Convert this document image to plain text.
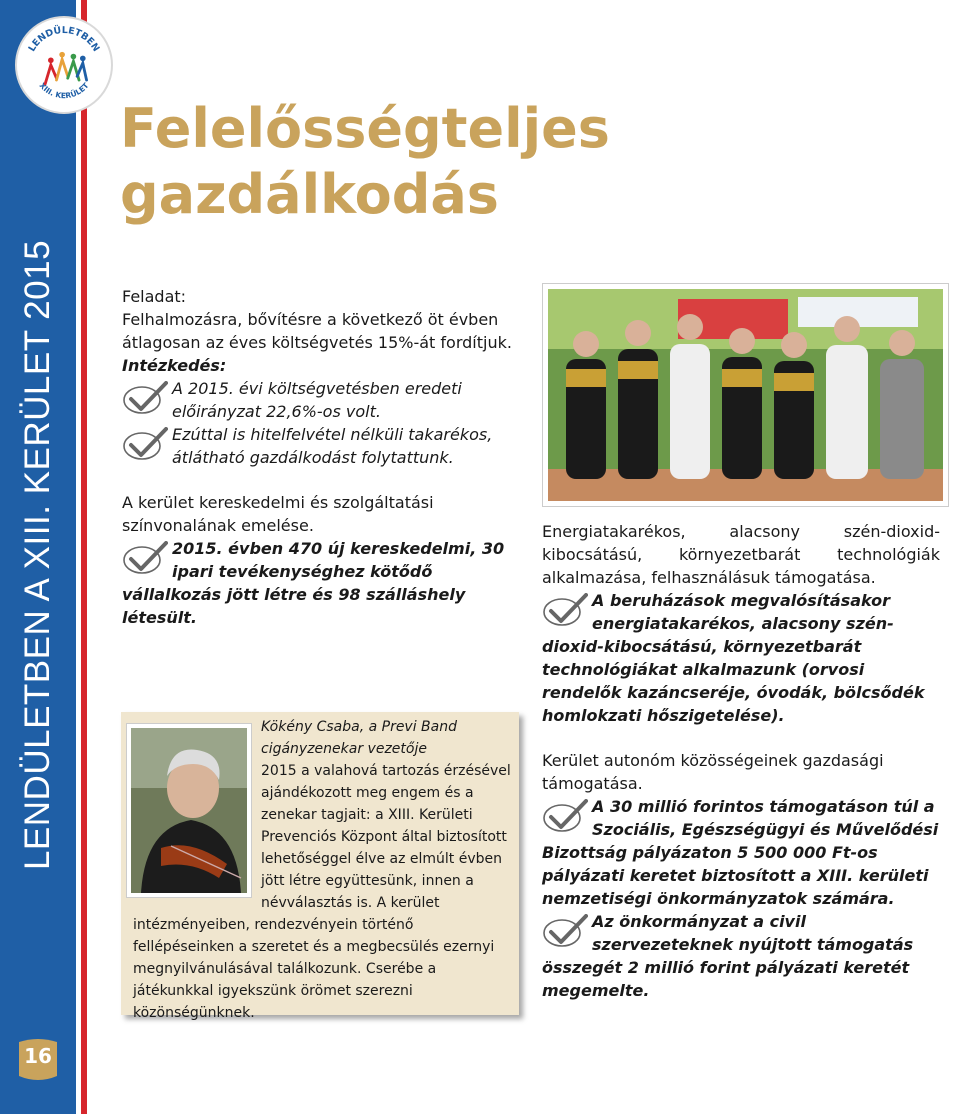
LENDÜLETBEN A XIII. KERÜLET 2015
LENDÜLETBEN
XIII. KERÜLET
16
Felelősségteljes
gazdálkodás

Feladat:

Felhalmozásra, bővítésre a következő öt évben átlagosan az éves költségvetés 15%-át fordítjuk.

Intézkedés:

A 2015. évi költségvetésben eredeti előirányzat 22,6%-os volt.

Ezúttal is hitelfelvétel nélküli takarékos, átlátható gazdálkodást folytattunk.

A kerület kereskedelmi és szolgáltatási színvonalának emelése.

2015. évben 470 új kereskedelmi, 30 ipari tevékenységhez kötődő vállalkozás jött létre és 98 szálláshely létesült.

Kökény Csaba, a Previ Band cigányzenekar vezetője
2015 a valahová tartozás érzésével ajándékozott meg engem és a zenekar tagjait: a XIII. Kerületi Prevenciós Központ által biztosított lehetőséggel élve az elmúlt évben jött létre együttesünk, innen a névválasztás is. A kerület intézményeiben, rendezvényein történő fellépéseinken a szeretet és a megbecsülés ezernyi megnyilvánulásával találkozunk. Cserébe a játékunkkal igyekszünk örömet szerezni közönségünknek.

Energiatakarékos, alacsony szén-dioxid-kibocsátású, környezetbarát technológiák alkalmazása, felhasználásuk támogatása.

A beruházások megvalósításakor energiatakarékos, alacsony szén-dioxid-kibocsátású, környezetbarát technológiákat alkalmazunk (orvosi rendelők kazáncseréje, óvodák, bölcsődék homlokzati hőszigetelése).

Kerület autonóm közösségeinek gazdasági támogatása.

A 30 millió forintos támogatáson túl a Szociális, Egészségügyi és Művelődési Bizottság pályázaton 5 500 000 Ft-os pályázati keretet biztosított a XIII. kerületi nemzetiségi önkormányzatok számára.

Az önkormányzat a civil szervezeteknek nyújtott támogatás összegét 2 millió forint pályázati keretét megemelte.
